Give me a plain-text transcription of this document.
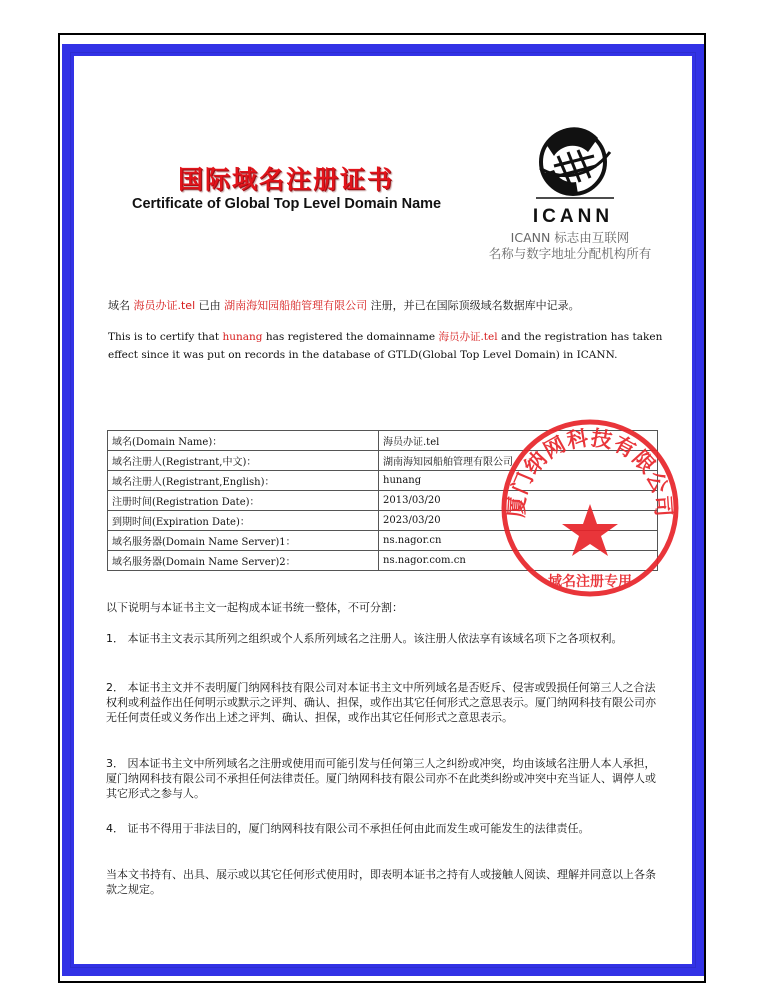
国际域名注册证书
Certificate of Global Top Level Domain Name
ICANN
ICANN 标志由互联网
名称与数字地址分配机构所有
域名 海员办证.tel 已由 湖南海知园船舶管理有限公司 注册，并已在国际顶级域名数据库中记录。
This is to certify that hunang has registered the domainname 海员办证.tel and the registration has taken effect since it was put on records in the database of GTLD(Global Top Level Domain) in ICANN.
域名(Domain Name)：	海员办证.tel
域名注册人(Registrant,中文)：	湖南海知园船舶管理有限公司
域名注册人(Registrant,English)：	hunang
注册时间(Registration Date)：	2013/03/20
到期时间(Expiration Date)：	2023/03/20
域名服务器(Domain Name Server)1：	ns.nagor.cn
域名服务器(Domain Name Server)2：	ns.nagor.com.cn
厦门纳网科技有限公司
域名注册专用
以下说明与本证书主文一起构成本证书统一整体，不可分割：
1． 本证书主文表示其所列之组织或个人系所列域名之注册人。该注册人依法享有该域名项下之各项权利。
2． 本证书主文并不表明厦门纳网科技有限公司对本证书主文中所列域名是否贬斥、侵害或毁损任何第三人之合法权利或利益作出任何明示或默示之评判、确认、担保，或作出其它任何形式之意思表示。厦门纳网科技有限公司亦无任何责任或义务作出上述之评判、确认、担保，或作出其它任何形式之意思表示。
3． 因本证书主文中所列域名之注册或使用而可能引发与任何第三人之纠纷或冲突，均由该域名注册人本人承担，厦门纳网科技有限公司不承担任何法律责任。厦门纳网科技有限公司亦不在此类纠纷或冲突中充当证人、调停人或其它形式之参与人。
4． 证书不得用于非法目的，厦门纳网科技有限公司不承担任何由此而发生或可能发生的法律责任。
当本文书持有、出具、展示或以其它任何形式使用时，即表明本证书之持有人或接触人阅读、理解并同意以上各条款之规定。
